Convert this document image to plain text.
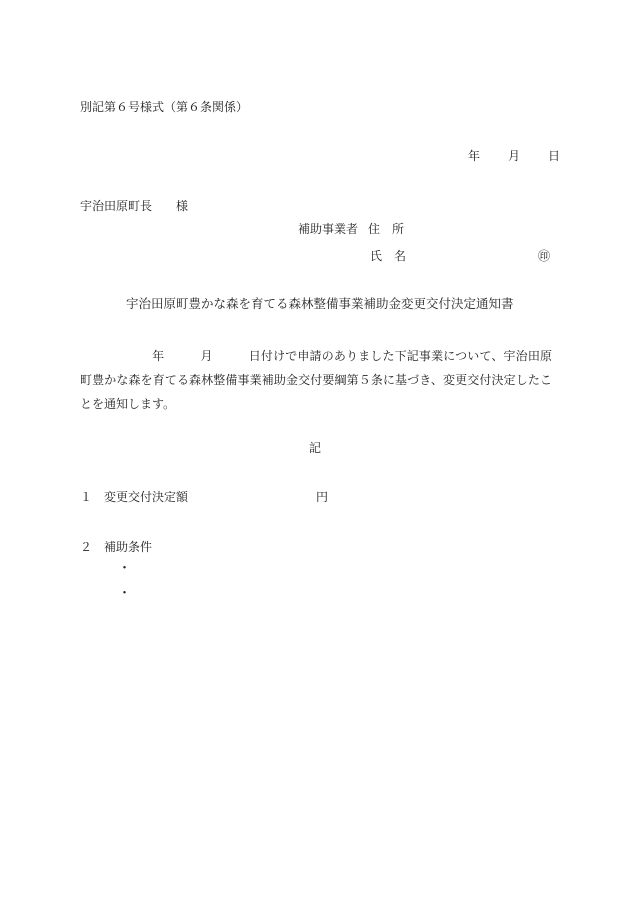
別記第６号様式（第６条関係）
年 月 日
宇治田原町長　　様
補助事業者 住　所
氏　名	㊞
宇治田原町豊かな森を育てる森林整備事業補助金変更交付決定通知書
年	月	日付けで申請のありました下記事業について、宇治田原町豊かな森を育てる森林整備事業補助金交付要綱第５条に基づき、変更交付決定したことを通知します。
記
１　変更交付決定額	円
２　補助条件
・
・
